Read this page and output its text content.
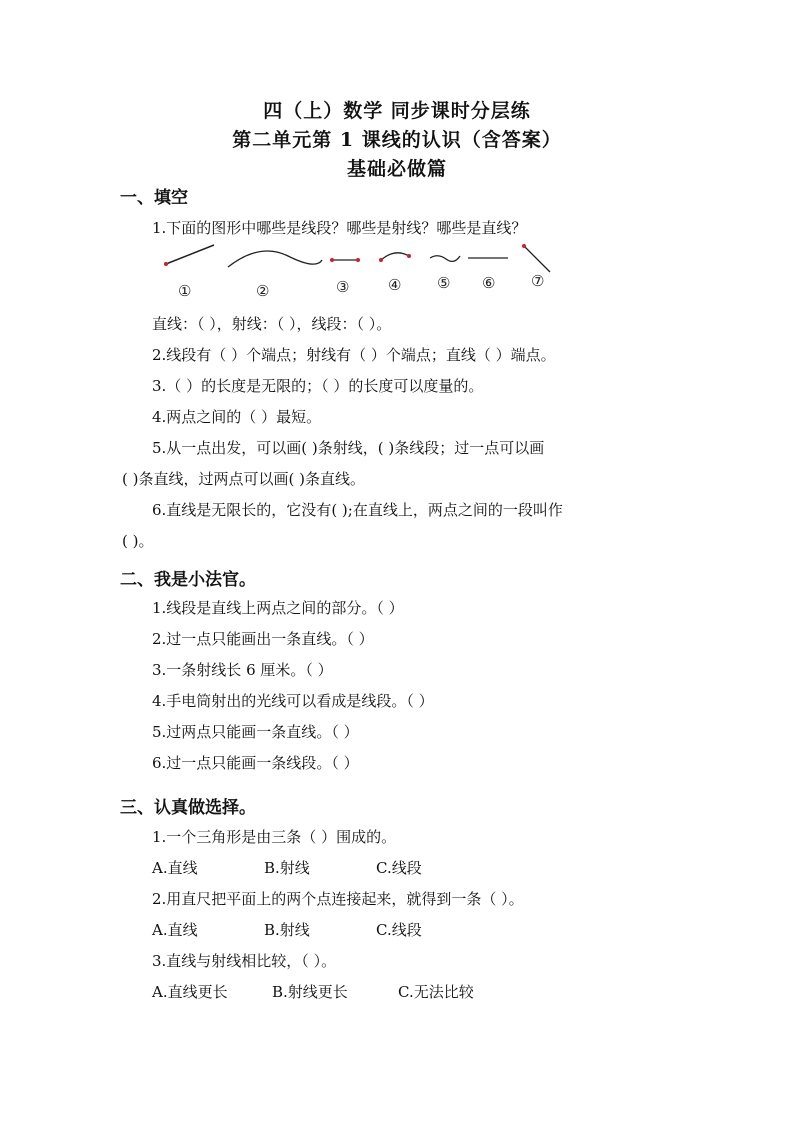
四（上）数学 同步课时分层练
第二单元第 1 课线的认识（含答案）
基础必做篇
一、填空
1.下面的图形中哪些是线段？哪些是射线？哪些是直线？
①	②	③	④ ⑤ ⑥ ⑦
直线：（ ），射线：（ ），线段：（ ）。
2.线段有（ ）个端点；射线有（ ）个端点；直线（ ）端点。
3.（ ）的长度是无限的；（ ）的长度可以度量的。
4.两点之间的（ ）最短。
5.从一点出发，可以画( )条射线，( )条线段；过一点可以画
( )条直线，过两点可以画( )条直线。
6.直线是无限长的，它没有( );在直线上，两点之间的一段叫作
( )。
二、我是小法官。
1.线段是直线上两点之间的部分。（ ）
2.过一点只能画出一条直线。（ ）
3.一条射线长 6 厘米。（ ）
4.手电筒射出的光线可以看成是线段。（ ）
5.过两点只能画一条直线。（ ）
6.过一点只能画一条线段。（ ）
三、认真做选择。
1.一个三角形是由三条（ ）围成的。
A.直线	B.射线	C.线段
2.用直尺把平面上的两个点连接起来，就得到一条（ ）。
A.直线	B.射线	C.线段
3.直线与射线相比较，（ ）。
A.直线更长	B.射线更长	C.无法比较
